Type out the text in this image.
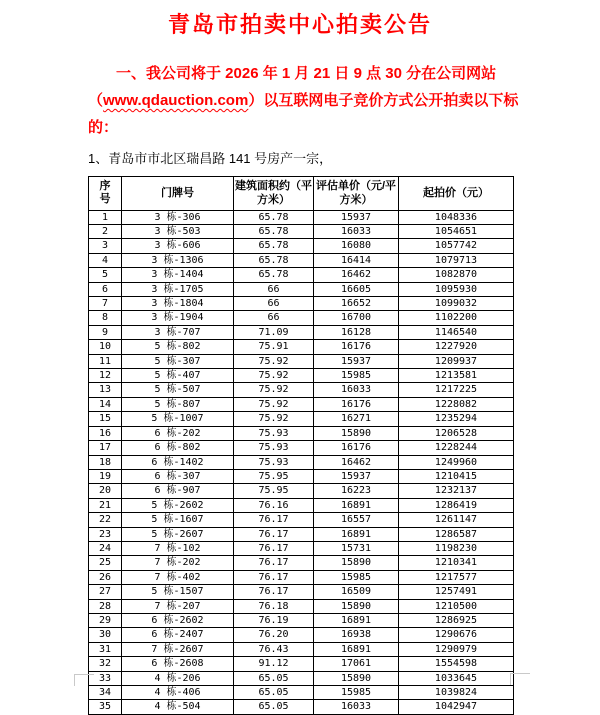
青岛市拍卖中心拍卖公告
一、我公司将于 2026 年 1 月 21 日 9 点 30 分在公司网站
（www.qdauction.com）以互联网电子竞价方式公开拍卖以下标的：
1、青岛市市北区瑞昌路 141 号房产一宗，
序号	门牌号	建筑面积约（平方米）	评估单价（元/平方米）	起拍价（元）
1	3 栋-306	65.78	15937	1048336
2	3 栋-503	65.78	16033	1054651
3	3 栋-606	65.78	16080	1057742
4	3 栋-1306	65.78	16414	1079713
5	3 栋-1404	65.78	16462	1082870
6	3 栋-1705	66	16605	1095930
7	3 栋-1804	66	16652	1099032
8	3 栋-1904	66	16700	1102200
9	3 栋-707	71.09	16128	1146540
10	5 栋-802	75.91	16176	1227920
11	5 栋-307	75.92	15937	1209937
12	5 栋-407	75.92	15985	1213581
13	5 栋-507	75.92	16033	1217225
14	5 栋-807	75.92	16176	1228082
15	5 栋-1007	75.92	16271	1235294
16	6 栋-202	75.93	15890	1206528
17	6 栋-802	75.93	16176	1228244
18	6 栋-1402	75.93	16462	1249960
19	6 栋-307	75.95	15937	1210415
20	6 栋-907	75.95	16223	1232137
21	5 栋-2602	76.16	16891	1286419
22	5 栋-1607	76.17	16557	1261147
23	5 栋-2607	76.17	16891	1286587
24	7 栋-102	76.17	15731	1198230
25	7 栋-202	76.17	15890	1210341
26	7 栋-402	76.17	15985	1217577
27	5 栋-1507	76.17	16509	1257491
28	7 栋-207	76.18	15890	1210500
29	6 栋-2602	76.19	16891	1286925
30	6 栋-2407	76.20	16938	1290676
31	7 栋-2607	76.43	16891	1290979
32	6 栋-2608	91.12	17061	1554598
33	4 栋-206	65.05	15890	1033645
34	4 栋-406	65.05	15985	1039824
35	4 栋-504	65.05	16033	1042947
